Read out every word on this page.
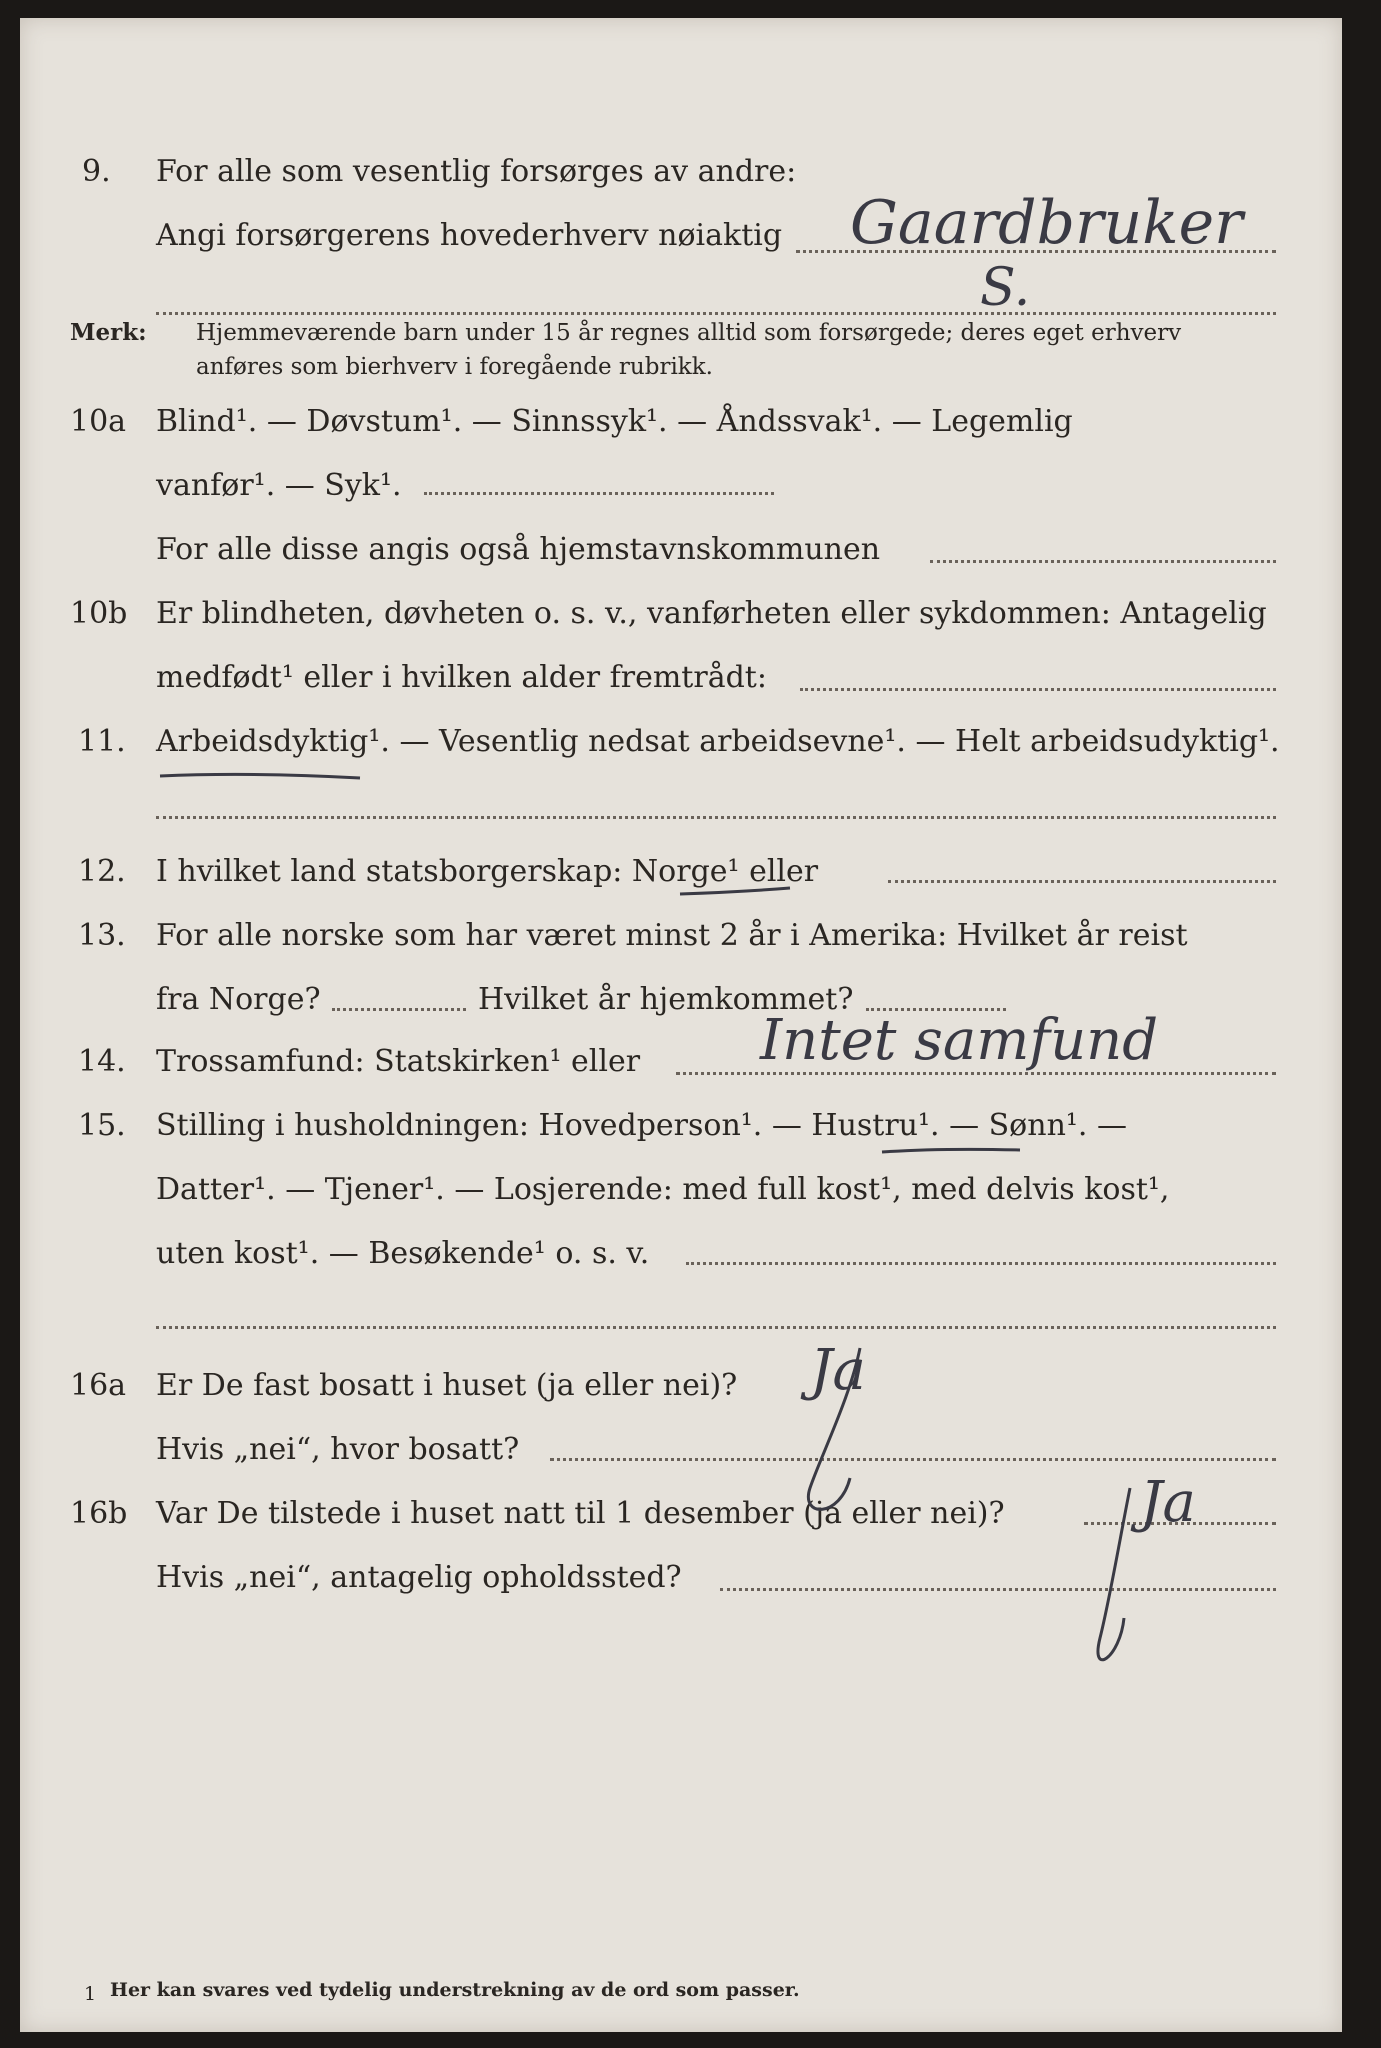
9. For alle som vesentlig forsørges av andre:
Angi forsørgerens hovederhverv nøiaktig Gaardbruker
S.
Merk: Hjemmeværende barn under 15 år regnes alltid som forsørgede; deres eget erhverv
anføres som bierhverv i foregående rubrikk.
10a Blind¹. — Døvstum¹. — Sinnssyk¹. — Åndssvak¹. — Legemlig
vanfør¹. — Syk¹.
For alle disse angis også hjemstavnskommunen
10b Er blindheten, døvheten o. s. v., vanførheten eller sykdommen: Antagelig
medfødt¹ eller i hvilken alder fremtrådt:
11. Arbeidsdyktig¹. — Vesentlig nedsat arbeidsevne¹. — Helt arbeidsudyktig¹.
12. I hvilket land statsborgerskap: Norge¹ eller
13. For alle norske som har været minst 2 år i Amerika: Hvilket år reist
fra Norge?	Hvilket år hjemkommet?
14. Trossamfund: Statskirken¹ eller Intet samfund
15. Stilling i husholdningen: Hovedperson¹. — Hustru¹. — Sønn¹. —
Datter¹. — Tjener¹. — Losjerende: med full kost¹, med delvis kost¹,
uten kost¹. — Besøkende¹ o. s. v.
16a Er De fast bosatt i huset (ja eller nei)?
Hvis „nei“, hvor bosatt?
Ja
16b Var De tilstede i huset natt til 1 desember (ja eller nei)? Ja
Hvis „nei“, antagelig opholdssted?
1 Her kan svares ved tydelig understrekning av de ord som passer.
